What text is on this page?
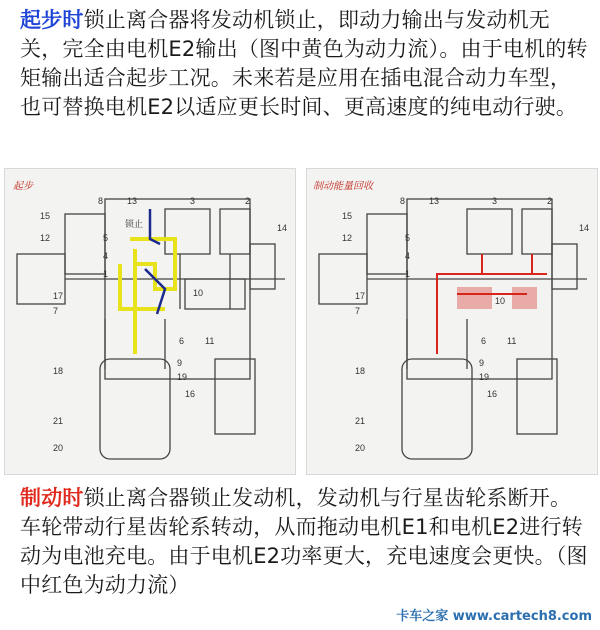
起步时锁止离合器将发动机锁止，即动力输出与发动机无关，完全由电机E2输出（图中黄色为动力流）。由于电机的转矩输出适合起步工况。未来若是应用在插电混合动力车型，也可替换电机E2以适应更长时间、更高速度的纯电动行驶。
起步
锁止
8	13	3	2
15
14
12	5
4
1
17	10
7
6 11
9
18
19
16
21
20
制动能量回收
8	13	3	2
15
14
12	5
4
1
17	10
7
6 11
9
18
19
16
21
20
制动时锁止离合器锁止发动机，发动机与行星齿轮系断开。车轮带动行星齿轮系转动，从而拖动电机E1和电机E2进行转动为电池充电。由于电机E2功率更大，充电速度会更快。（图中红色为动力流）
卡车之家 www.cartech8.com
